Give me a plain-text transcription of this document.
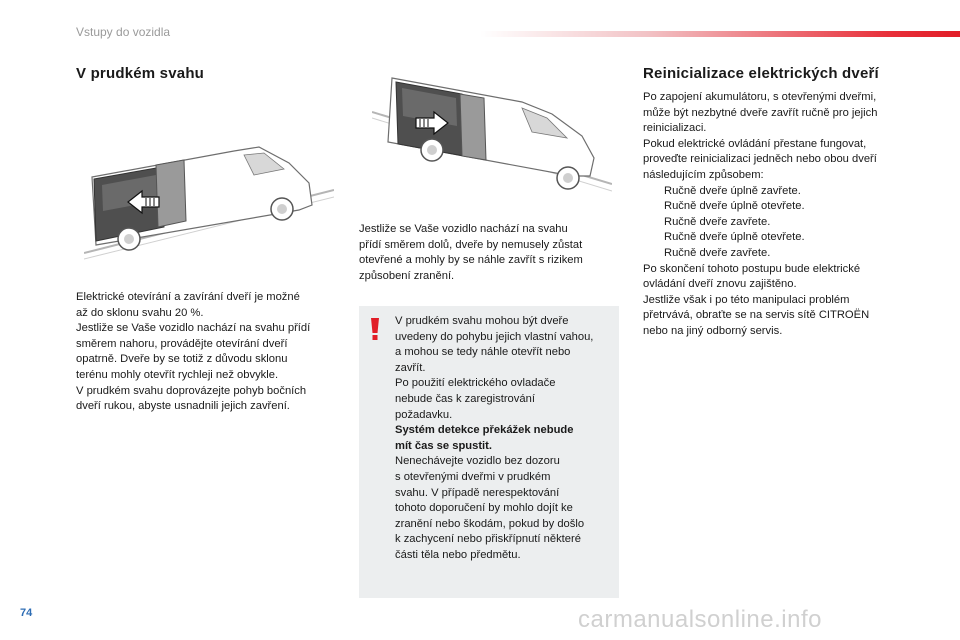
Vstupy do vozidla
V prudkém svahu

Elektrické otevírání a zavírání dveří je možné

až do sklonu svahu 20 %.

Jestliže se Vaše vozidlo nachází na svahu přídí

směrem nahoru, provádějte otevírání dveří

opatrně. Dveře by se totiž z důvodu sklonu

terénu mohly otevřít rychleji než obvykle.

V prudkém svahu doprovázejte pohyb bočních

dveří rukou, abyste usnadnili jejich zavření.

Jestliže se Vaše vozidlo nachází na svahu

přídí směrem dolů, dveře by nemusely zůstat

otevřené a mohly by se náhle zavřít s rizikem

způsobení zranění.

V prudkém svahu mohou být dveře

uvedeny do pohybu jejich vlastní vahou,

a mohou se tedy náhle otevřít nebo

zavřít.

Po použití elektrického ovladače

nebude čas k zaregistrování

požadavku.

Systém detekce překážek nebude

mít čas se spustit.

Nenechávejte vozidlo bez dozoru

s otevřenými dveřmi v prudkém

svahu. V případě nerespektování

tohoto doporučení by mohlo dojít ke

zranění nebo škodám, pokud by došlo

k zachycení nebo přiskřípnutí některé

části těla nebo předmětu.

Reinicializace elektrických dveří

Po zapojení akumulátoru, s otevřenými dveřmi,

může být nezbytné dveře zavřít ručně pro jejich

reinicializaci.

Pokud elektrické ovládání přestane fungovat,

proveďte reinicializaci jedněch nebo obou dveří

následujícím způsobem:

Ručně dveře úplně zavřete.
Ručně dveře úplně otevřete.
Ručně dveře zavřete.
Ručně dveře úplně otevřete.
Ručně dveře zavřete.

Po skončení tohoto postupu bude elektrické

ovládání dveří znovu zajištěno.

Jestliže však i po této manipulaci problém

přetrvává, obraťte se na servis sítě CITROËN

nebo na jiný odborný servis.

74	carmanualsonline.info
